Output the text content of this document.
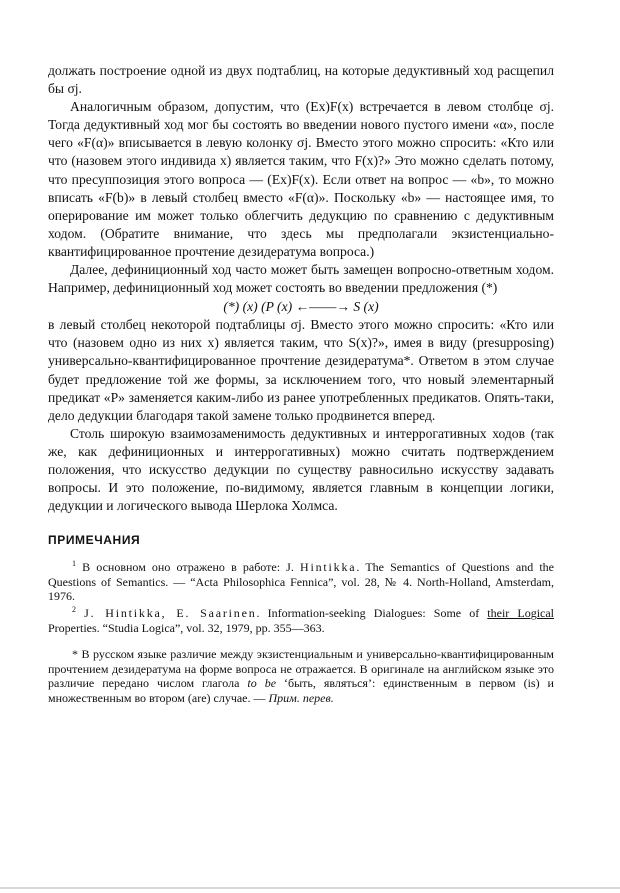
должать построение одной из двух подтаблиц, на которые дедуктивный ход расщепил бы σj.

Аналогичным образом, допустим, что (Ex)F(x) встречается в левом столбце σj. Тогда дедуктивный ход мог бы состоять во введении нового пустого имени «α», после чего «F(α)» вписывается в левую колонку σj. Вместо этого можно спросить: «Кто или что (назовем этого индивида x) является таким, что F(x)?» Это можно сделать потому, что пресуппозиция этого вопроса — (Ex)F(x). Если ответ на вопрос — «b», то можно вписать «F(b)» в левый столбец вместо «F(α)». Поскольку «b» — настоящее имя, то оперирование им может только облегчить дедукцию по сравнению с дедуктивным ходом. (Обратите внимание, что здесь мы предполагали экзистенциально-квантифицированное прочтение дезидератума вопроса.)

Далее, дефиниционный ход часто может быть замещен вопросно-ответным ходом. Например, дефиниционный ход может состоять во введении предложения (*)

(*) (x) (P (x) ←——→ S (x)

в левый столбец некоторой подтаблицы σj. Вместо этого можно спросить: «Кто или что (назовем одно из них x) является таким, что S(x)?», имея в виду (presupposing) универсально-квантифицированное прочтение дезидератума*. Ответом в этом случае будет предложение той же формы, за исключением того, что новый элементарный предикат «P» заменяется каким-либо из ранее употребленных предикатов. Опять-таки, дело дедукции благодаря такой замене только продвинется вперед.

Столь широкую взаимозаменимость дедуктивных и интеррогативных ходов (так же, как дефиниционных и интеррогативных) можно считать подтверждением положения, что искусство дедукции по существу равносильно искусству задавать вопросы. И это положение, по-видимому, является главным в концепции логики, дедукции и логического вывода Шерлока Холмса.

ПРИМЕЧАНИЯ

$^1$ В основном оно отражено в работе: J. Hintikka. The Semantics of Questions and the Questions of Semantics. — “Acta Philosophica Fennica”, vol. 28, № 4. North-Holland, Amsterdam, 1976.

$^2$ J. Hintikka, E. Saarinen. Information-seeking Dialogues: Some of their Logical Properties. “Studia Logica”, vol. 32, 1979, pp. 355—363.

* В русском языке различие между экзистенциальным и универсально-квантифицированным прочтением дезидератума на форме вопроса не отражается. В оригинале на английском языке это различие передано числом глагола to be ‘быть, являться’: единственным в первом (is) и множественным во втором (are) случае. — Прим. перев.
